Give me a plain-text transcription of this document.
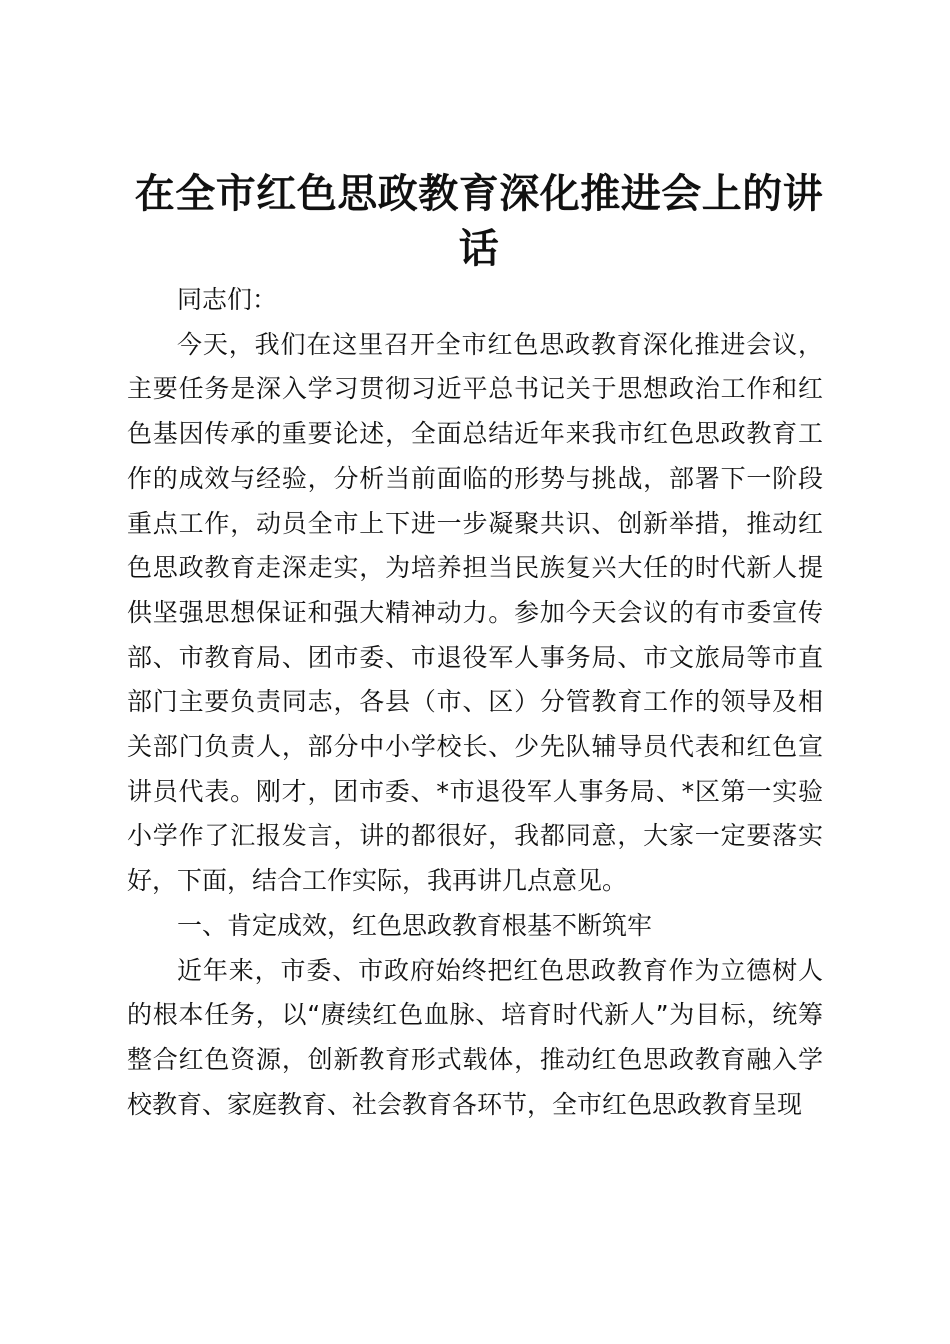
在全市红色思政教育深化推进会上的讲话

同志们：

今天，我们在这里召开全市红色思政教育深化推进会议，主要任务是深入学习贯彻习近平总书记关于思想政治工作和红色基因传承的重要论述，全面总结近年来我市红色思政教育工作的成效与经验，分析当前面临的形势与挑战，部署下一阶段重点工作，动员全市上下进一步凝聚共识、创新举措，推动红色思政教育走深走实，为培养担当民族复兴大任的时代新人提供坚强思想保证和强大精神动力。参加今天会议的有市委宣传部、市教育局、团市委、市退役军人事务局、市文旅局等市直部门主要负责同志，各县（市、区）分管教育工作的领导及相关部门负责人，部分中小学校长、少先队辅导员代表和红色宣讲员代表。刚才，团市委、*市退役军人事务局、*区第一实验小学作了汇报发言，讲的都很好，我都同意，大家一定要落实好，下面，结合工作实际，我再讲几点意见。

一、肯定成效，红色思政教育根基不断筑牢

近年来，市委、市政府始终把红色思政教育作为立德树人的根本任务，以“赓续红色血脉、培育时代新人”为目标，统筹整合红色资源，创新教育形式载体，推动红色思政教育融入学校教育、家庭教育、社会教育各环节，全市红色思政教育呈现
